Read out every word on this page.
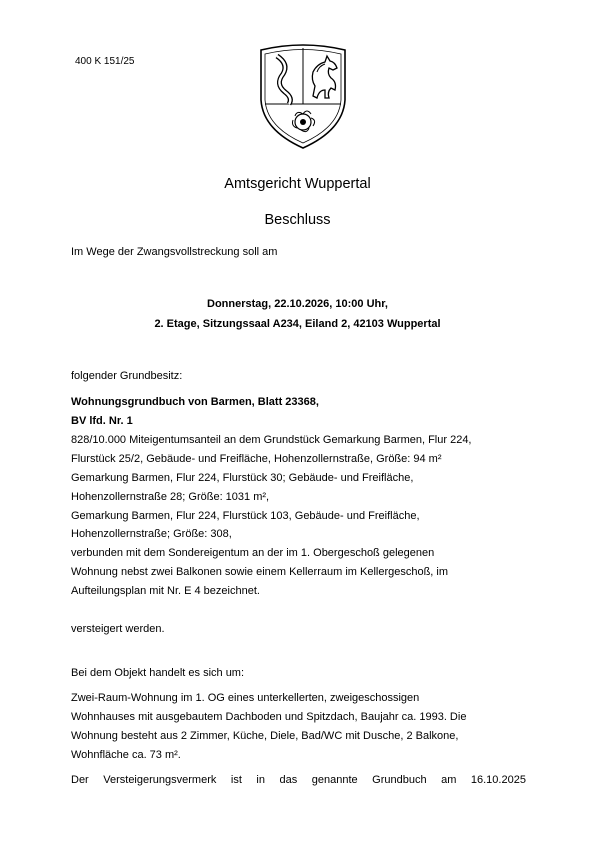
400 K 151/25
Amtsgericht Wuppertal
Beschluss
Im Wege der Zwangsvollstreckung soll am
Donnerstag, 22.10.2026, 10:00 Uhr,
2. Etage, Sitzungssaal A234, Eiland 2, 42103 Wuppertal
folgender Grundbesitz:
Wohnungsgrundbuch von Barmen, Blatt 23368,
BV lfd. Nr. 1
828/10.000 Miteigentumsanteil an dem Grundstück Gemarkung Barmen, Flur 224,
Flurstück 25/2, Gebäude- und Freifläche, Hohenzollernstraße, Größe: 94 m²
Gemarkung Barmen, Flur 224, Flurstück 30; Gebäude- und Freifläche,
Hohenzollernstraße 28; Größe: 1031 m²,
Gemarkung Barmen, Flur 224, Flurstück 103, Gebäude- und Freifläche,
Hohenzollernstraße; Größe: 308,
verbunden mit dem Sondereigentum an der im 1. Obergeschoß gelegenen
Wohnung nebst zwei Balkonen sowie einem Kellerraum im Kellergeschoß, im
Aufteilungsplan mit Nr. E 4 bezeichnet.
versteigert werden.
Bei dem Objekt handelt es sich um:
Zwei-Raum-Wohnung im 1. OG eines unterkellerten, zweigeschossigen
Wohnhauses mit ausgebautem Dachboden und Spitzdach, Baujahr ca. 1993. Die
Wohnung besteht aus 2 Zimmer, Küche, Diele, Bad/WC mit Dusche, 2 Balkone,
Wohnfläche ca. 73 m².
Der Versteigerungsvermerk ist in das genannte Grundbuch am 16.10.2025
